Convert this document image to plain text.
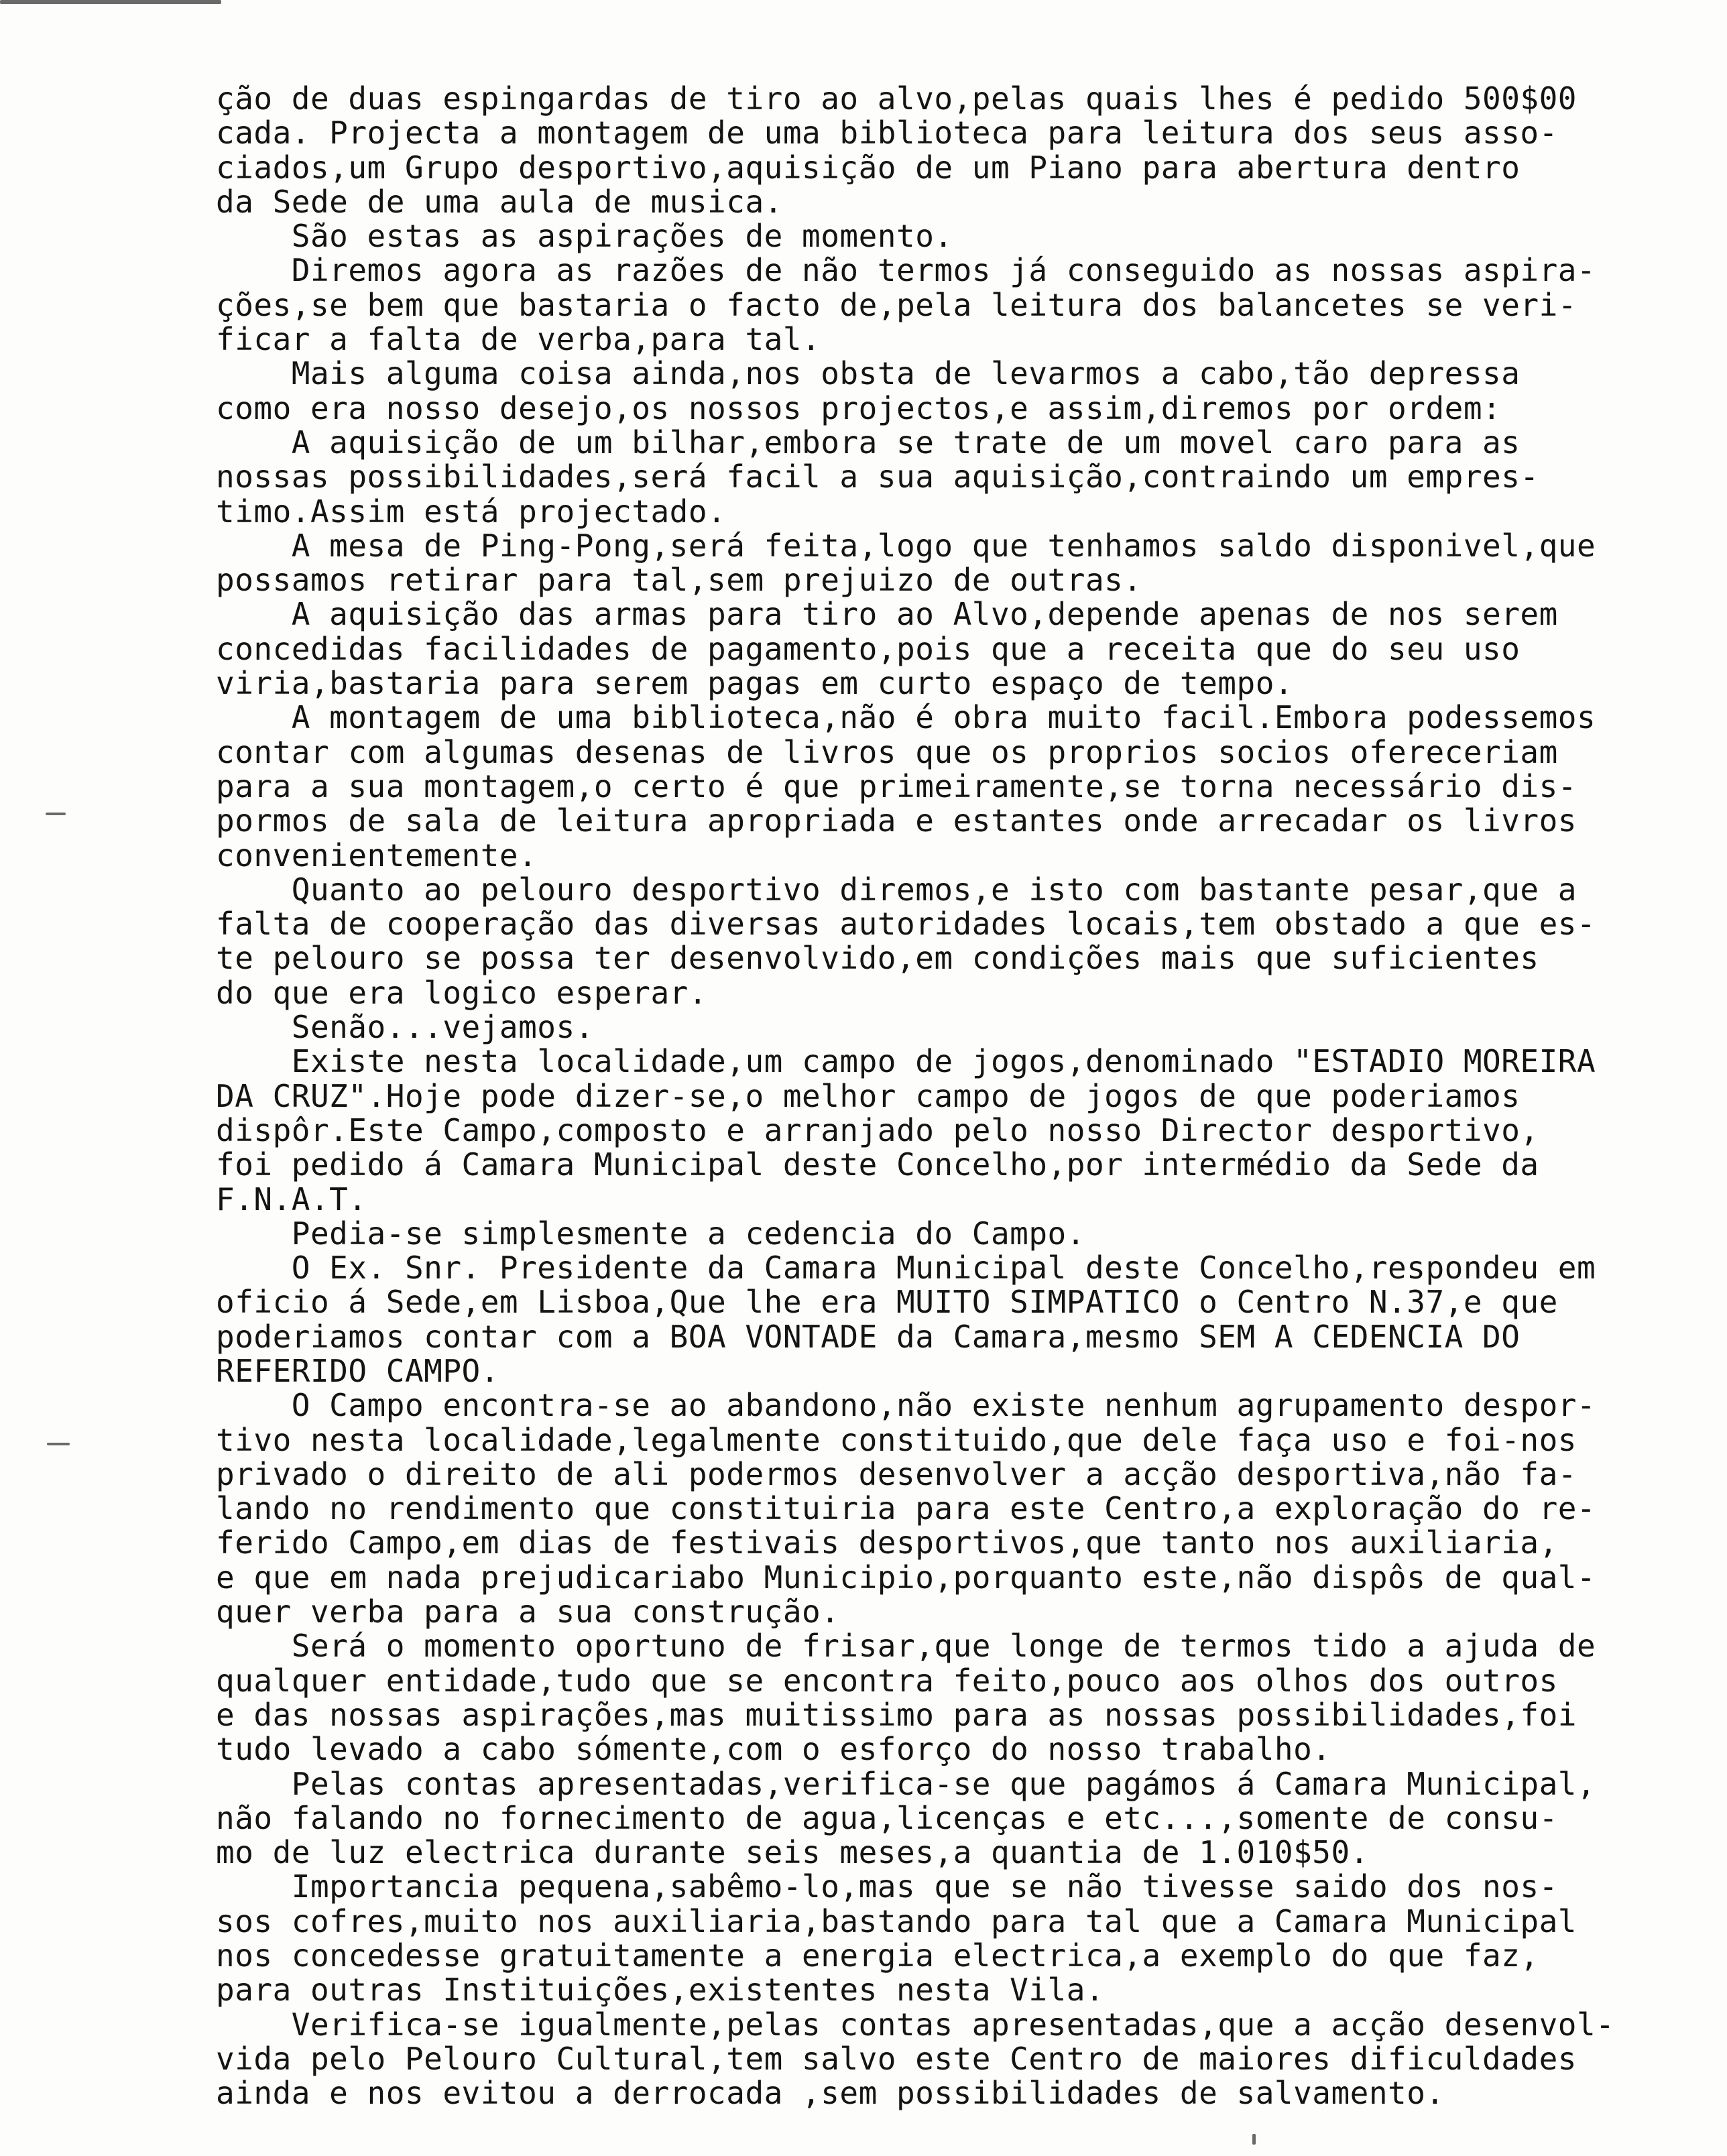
ção de duas espingardas de tiro ao alvo,pelas quais lhes é pedido 500$00
cada. Projecta a montagem de uma biblioteca para leitura dos seus asso-
ciados,um Grupo desportivo,aquisição de um Piano para abertura dentro
da Sede de uma aula de musica.
São estas as aspirações de momento.
Diremos agora as razões de não termos já conseguido as nossas aspira-
ções,se bem que bastaria o facto de,pela leitura dos balancetes se veri-
ficar a falta de verba,para tal.
Mais alguma coisa ainda,nos obsta de levarmos a cabo,tão depressa
como era nosso desejo,os nossos projectos,e assim,diremos por ordem:
A aquisição de um bilhar,embora se trate de um movel caro para as
nossas possibilidades,será facil a sua aquisição,contraindo um empres-
timo.Assim está projectado.
A mesa de Ping-Pong,será feita,logo que tenhamos saldo disponivel,que
possamos retirar para tal,sem prejuizo de outras.
A aquisição das armas para tiro ao Alvo,depende apenas de nos serem
concedidas facilidades de pagamento,pois que a receita que do seu uso
viria,bastaria para serem pagas em curto espaço de tempo.
A montagem de uma biblioteca,não é obra muito facil.Embora podessemos
contar com algumas desenas de livros que os proprios socios ofereceriam
para a sua montagem,o certo é que primeiramente,se torna necessário dis-
pormos de sala de leitura apropriada e estantes onde arrecadar os livros
convenientemente.
Quanto ao pelouro desportivo diremos,e isto com bastante pesar,que a
falta de cooperação das diversas autoridades locais,tem obstado a que es-
te pelouro se possa ter desenvolvido,em condições mais que suficientes
do que era logico esperar.
Senão...vejamos.
Existe nesta localidade,um campo de jogos,denominado "ESTADIO MOREIRA
DA CRUZ".Hoje pode dizer-se,o melhor campo de jogos de que poderiamos
dispôr.Este Campo,composto e arranjado pelo nosso Director desportivo,
foi pedido á Camara Municipal deste Concelho,por intermédio da Sede da
F.N.A.T.
Pedia-se simplesmente a cedencia do Campo.
O Ex. Snr. Presidente da Camara Municipal deste Concelho,respondeu em
oficio á Sede,em Lisboa,Que lhe era MUITO SIMPATICO o Centro N.37,e que
poderiamos contar com a BOA VONTADE da Camara,mesmo SEM A CEDENCIA DO
REFERIDO CAMPO.
O Campo encontra-se ao abandono,não existe nenhum agrupamento despor-
tivo nesta localidade,legalmente constituido,que dele faça uso e foi-nos
privado o direito de ali podermos desenvolver a acção desportiva,não fa-
lando no rendimento que constituiria para este Centro,a exploração do re-
ferido Campo,em dias de festivais desportivos,que tanto nos auxiliaria,
e que em nada prejudicariabo Municipio,porquanto este,não dispôs de qual-
quer verba para a sua construção.
Será o momento oportuno de frisar,que longe de termos tido a ajuda de
qualquer entidade,tudo que se encontra feito,pouco aos olhos dos outros
e das nossas aspirações,mas muitissimo para as nossas possibilidades,foi
tudo levado a cabo sómente,com o esforço do nosso trabalho.
Pelas contas apresentadas,verifica-se que pagámos á Camara Municipal,
não falando no fornecimento de agua,licenças e etc...,somente de consu-
mo de luz electrica durante seis meses,a quantia de 1.010$50.
Importancia pequena,sabêmo-lo,mas que se não tivesse saido dos nos-
sos cofres,muito nos auxiliaria,bastando para tal que a Camara Municipal
nos concedesse gratuitamente a energia electrica,a exemplo do que faz,
para outras Instituições,existentes nesta Vila.
Verifica-se igualmente,pelas contas apresentadas,que a acção desenvol-
vida pelo Pelouro Cultural,tem salvo este Centro de maiores dificuldades
ainda e nos evitou a derrocada ,sem possibilidades de salvamento.
